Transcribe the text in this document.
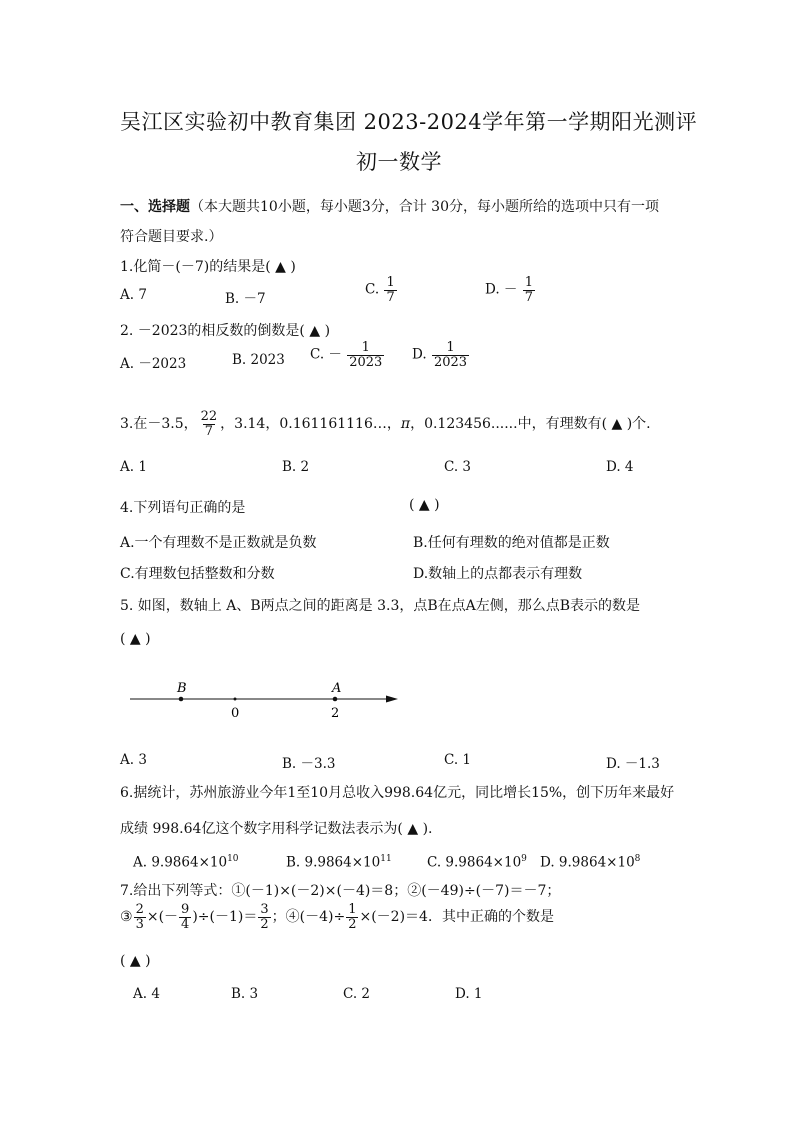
吴江区实验初中教育集团 2023-2024学年第一学期阳光测评
初一数学
一、选择题（本大题共10小题，每小题3分，合计 30分，每小题所给的选项中只有一项
符合题目要求.）
1.化简－(－7)的结果是( ▲ )
A. 7	B. －7
C. $\frac{1}{7}$	D. － $\frac{1}{7}$
2. －2023的相反数的倒数是( ▲ )
A. －2023	B. 2023 C. － $\frac{1}{2023} D$. $\frac{1}{2023}$
3.在－3.5， $\frac{22}{7}$ ，3.14，0.161161116…，π，0.123456......中，有理数有( ▲ )个.
A. 1	B. 2	C. 3	D. 4
4.下列语句正确的是	( ▲ )
A.一个有理数不是正数就是负数	B.任何有理数的绝对值都是正数
C.有理数包括整数和分数	D.数轴上的点都表示有理数
5. 如图，数轴上 A、B两点之间的距离是 3.3，点B在点A左侧，那么点B表示的数是
( ▲ )
B	A
0	2
A. 3	B. －3.3	C. 1	D. －1.3
6.据统计，苏州旅游业今年1至10月总收入998.64亿元，同比增长15%，创下历年来最好
成绩 998.64亿这个数字用科学记数法表示为( ▲ ).
A. $9.9864\times 10^{10}$	B. $9.9864\times 10^{11}$	C. $9.9864\times 10^9$ D. $9.9864\times 10^8$
7.给出下列等式：①(－1)×(－2)×(－4)＝8；②(－49)÷(－7)＝－7；
③ $\frac{2}{3}$ ×(－ $\frac{9}{4} )\div(-1)= \frac{3}{2}$ ；④(－4)÷ $\frac{1}{2} \times(-2)=4$．其中正确的个数是
( ▲ )
A. 4	B. 3	C. 2	D. 1
